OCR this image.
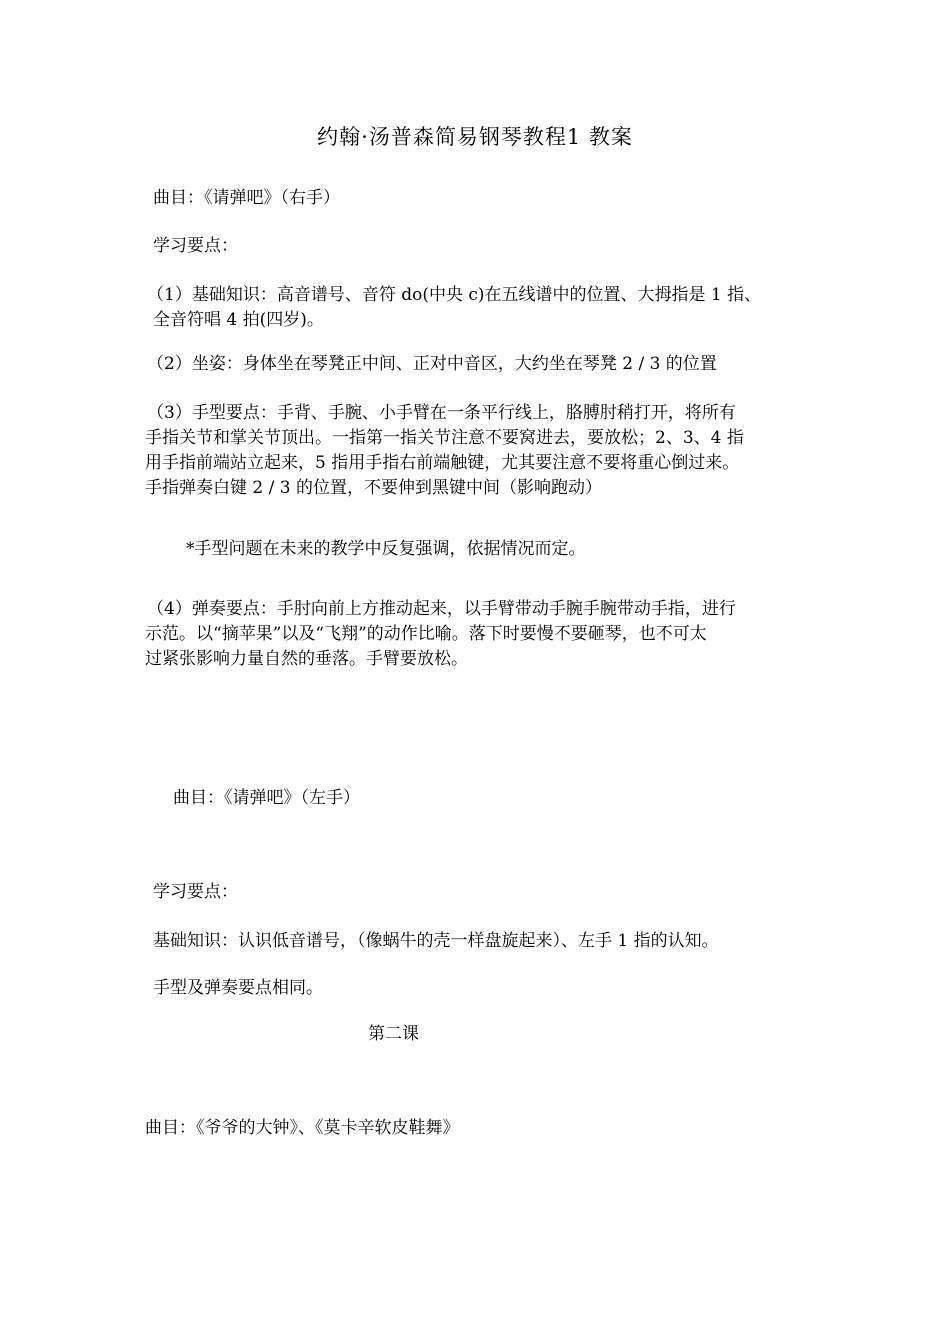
约翰·汤普森简易钢琴教程1 教案

曲目：《请弹吧》（右手）

学习要点：

（1）基础知识：高音谱号、音符 do(中央 c)在五线谱中的位置、大拇指是 1 指、

全音符唱 4 拍(四岁)。

（2）坐姿：身体坐在琴凳正中间、正对中音区，大约坐在琴凳 2 / 3 的位置

（3）手型要点：手背、手腕、小手臂在一条平行线上，胳膊肘稍打开，将所有

手指关节和掌关节顶出。一指第一指关节注意不要窝进去，要放松；2、3、4 指

用手指前端站立起来，5 指用手指右前端触键，尤其要注意不要将重心倒过来。

手指弹奏白键 2 / 3 的位置，不要伸到黑键中间（影响跑动）

*手型问题在未来的教学中反复强调，依据情况而定。

（4）弹奏要点：手肘向前上方推动起来，以手臂带动手腕手腕带动手指，进行

示范。以“摘苹果”以及“飞翔”的动作比喻。落下时要慢不要砸琴，也不可太

过紧张影响力量自然的垂落。手臂要放松。

曲目：《请弹吧》（左手）

学习要点：

基础知识：认识低音谱号，（像蜗牛的壳一样盘旋起来）、左手 1 指的认知。

手型及弹奏要点相同。

第二课

曲目：《爷爷的大钟》、《莫卡辛软皮鞋舞》
